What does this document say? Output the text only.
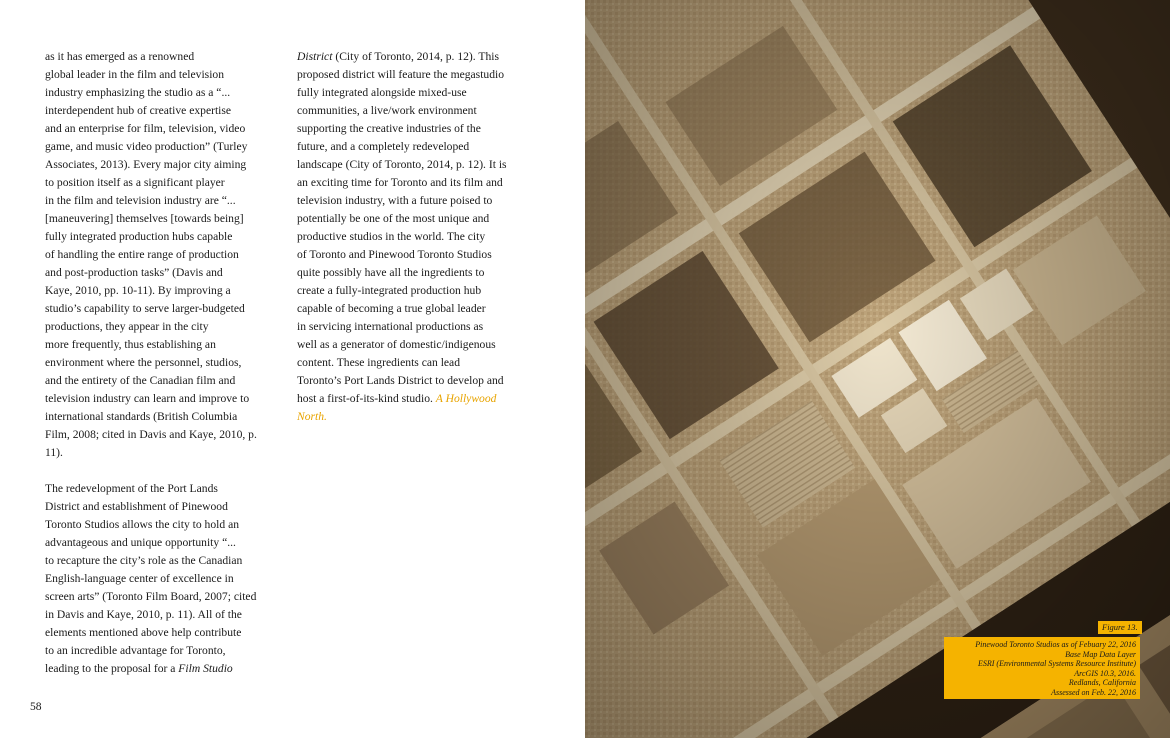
as it has emerged as a renowned
global leader in the film and television
industry emphasizing the studio as a “...
interdependent hub of creative expertise
and an enterprise for film, television, video
game, and music video production” (Turley
Associates, 2013). Every major city aiming
to position itself as a significant player
in the film and television industry are “...
[maneuvering] themselves [towards being]
fully integrated production hubs capable
of handling the entire range of production
and post-production tasks” (Davis and
Kaye, 2010, pp. 10-11). By improving a
studio’s capability to serve larger-budgeted
productions, they appear in the city
more frequently, thus establishing an
environment where the personnel, studios,
and the entirety of the Canadian film and
television industry can learn and improve to
international standards (British Columbia
Film, 2008; cited in Davis and Kaye, 2010, p.
11).
The redevelopment of the Port Lands
District and establishment of Pinewood
Toronto Studios allows the city to hold an
advantageous and unique opportunity “...
to recapture the city’s role as the Canadian
English-language center of excellence in
screen arts” (Toronto Film Board, 2007; cited
in Davis and Kaye, 2010, p. 11). All of the
elements mentioned above help contribute
to an incredible advantage for Toronto,
leading to the proposal for a Film Studio
District (City of Toronto, 2014, p. 12). This
proposed district will feature the megastudio
fully integrated alongside mixed-use
communities, a live/work environment
supporting the creative industries of the
future, and a completely redeveloped
landscape (City of Toronto, 2014, p. 12). It is
an exciting time for Toronto and its film and
television industry, with a future poised to
potentially be one of the most unique and
productive studios in the world. The city
of Toronto and Pinewood Toronto Studios
quite possibly have all the ingredients to
create a fully-integrated production hub
capable of becoming a true global leader
in servicing international productions as
well as a generator of domestic/indigenous
content. These ingredients can lead
Toronto’s Port Lands District to develop and
host a first-of-its-kind studio. A Hollywood
North.
58
Figure 13.
Pinewood Toronto Studios as of Febuary 22, 2016
Base Map Data Layer
ESRI (Environmental Systems Resource Institute)
ArcGIS 10.3, 2016.
Redlands, California
Assessed on Feb. 22, 2016
